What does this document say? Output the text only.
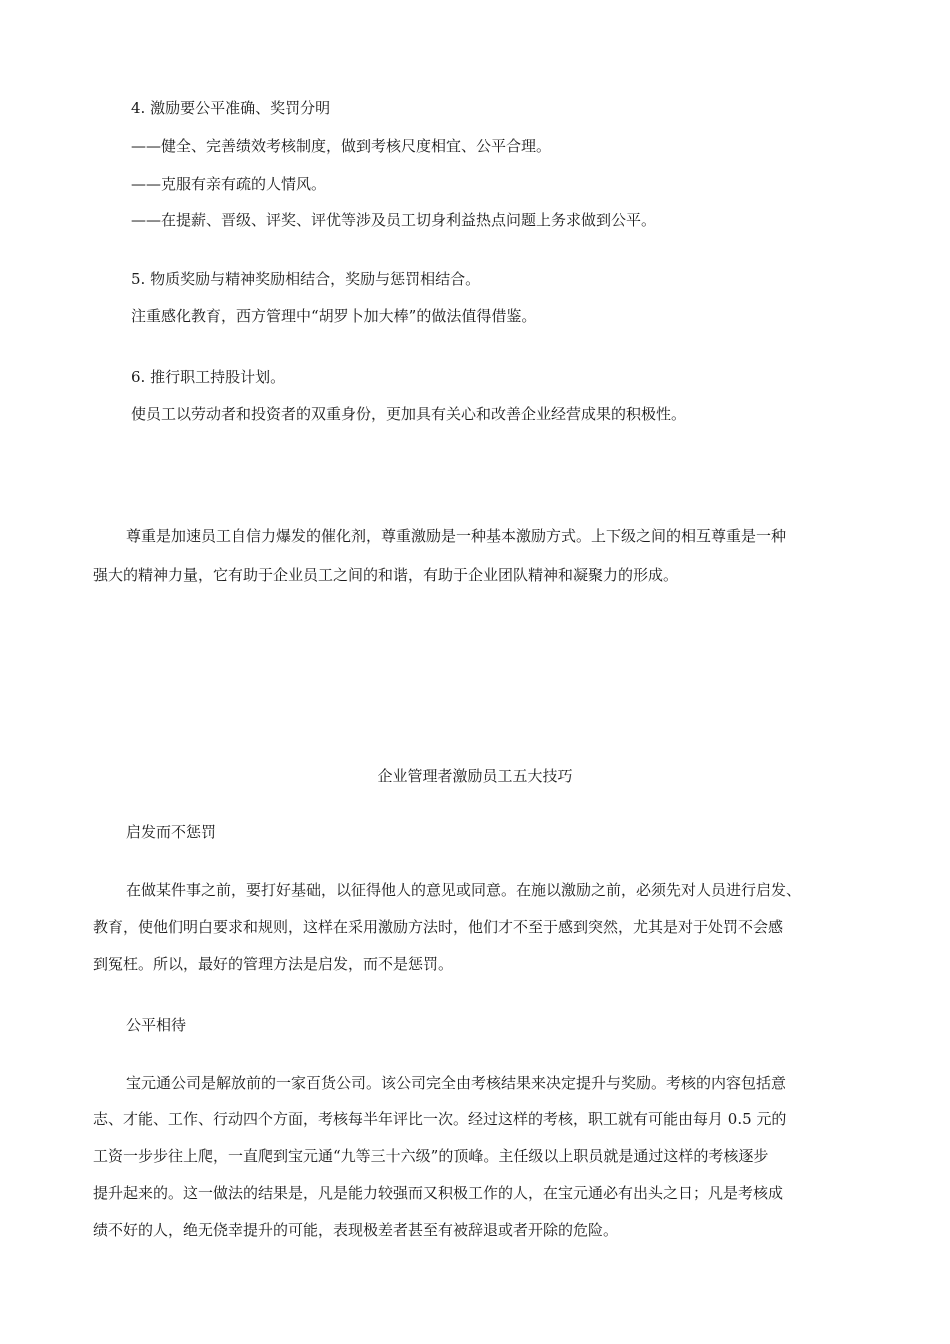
4. 激励要公平准确、奖罚分明
——健全、完善绩效考核制度，做到考核尺度相宜、公平合理。
——克服有亲有疏的人情风。
——在提薪、晋级、评奖、评优等涉及员工切身利益热点问题上务求做到公平。
5. 物质奖励与精神奖励相结合，奖励与惩罚相结合。
注重感化教育，西方管理中“胡罗卜加大棒”的做法值得借鉴。
6. 推行职工持股计划。
使员工以劳动者和投资者的双重身份，更加具有关心和改善企业经营成果的积极性。
尊重是加速员工自信力爆发的催化剂，尊重激励是一种基本激励方式。上下级之间的相互尊重是一种
强大的精神力量，它有助于企业员工之间的和谐，有助于企业团队精神和凝聚力的形成。
企业管理者激励员工五大技巧
启发而不惩罚
在做某件事之前，要打好基础，以征得他人的意见或同意。在施以激励之前，必须先对人员进行启发、
教育，使他们明白要求和规则，这样在采用激励方法时，他们才不至于感到突然，尤其是对于处罚不会感
到冤枉。所以，最好的管理方法是启发，而不是惩罚。
公平相待
宝元通公司是解放前的一家百货公司。该公司完全由考核结果来决定提升与奖励。考核的内容包括意
志、才能、工作、行动四个方面，考核每半年评比一次。经过这样的考核，职工就有可能由每月 0.5 元的
工资一步步往上爬，一直爬到宝元通“九等三十六级”的顶峰。主任级以上职员就是通过这样的考核逐步
提升起来的。这一做法的结果是，凡是能力较强而又积极工作的人，在宝元通必有出头之日；凡是考核成
绩不好的人，绝无侥幸提升的可能，表现极差者甚至有被辞退或者开除的危险。
